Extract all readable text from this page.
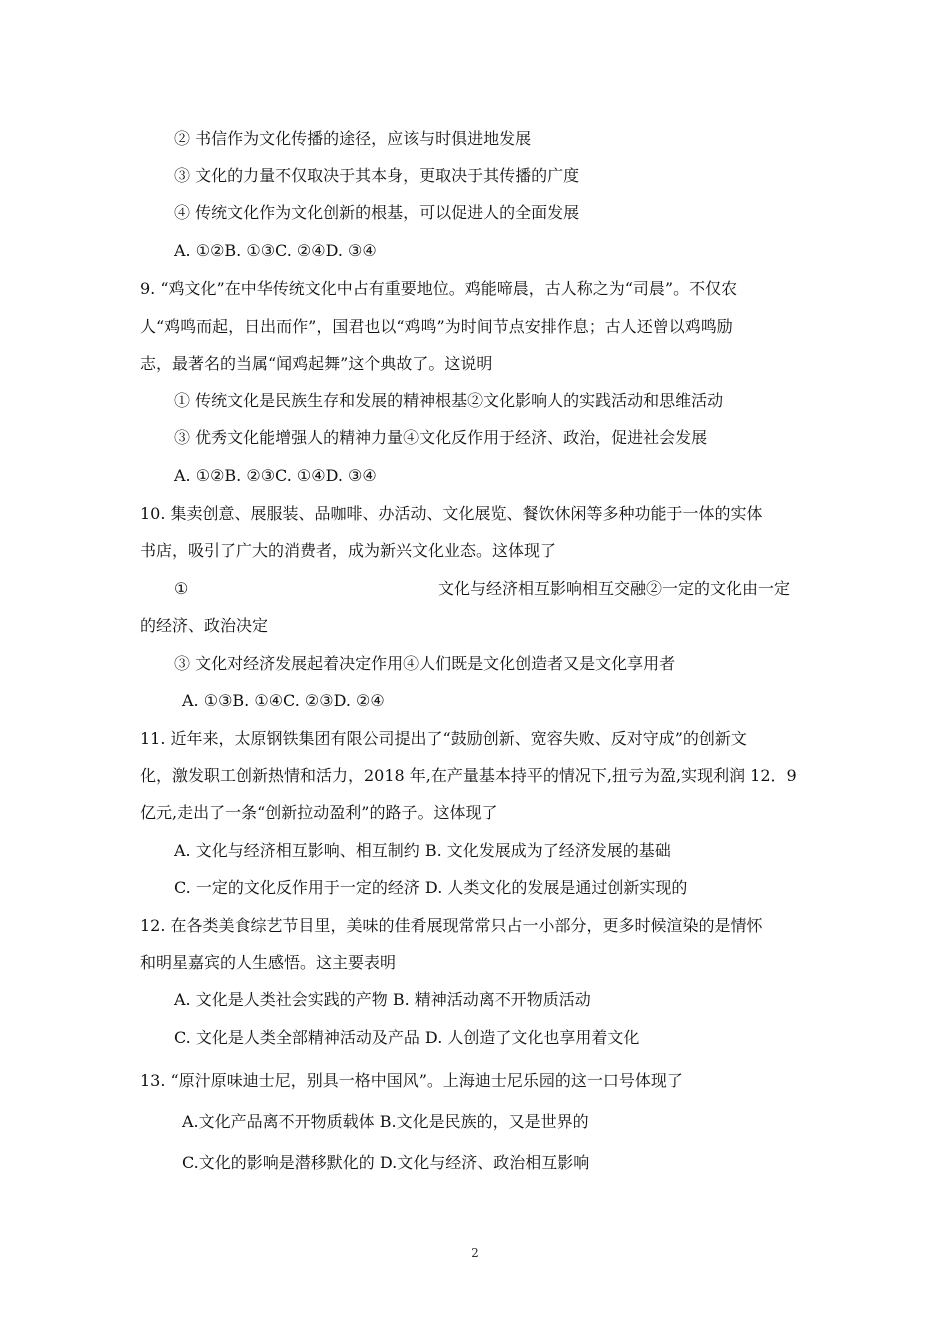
② 书信作为文化传播的途径，应该与时俱进地发展
③ 文化的力量不仅取决于其本身，更取决于其传播的广度
④ 传统文化作为文化创新的根基，可以促进人的全面发展
A. ①②B. ①③C. ②④D. ③④
9. “鸡文化”在中华传统文化中占有重要地位。鸡能啼晨，古人称之为“司晨”。不仅农
人“鸡鸣而起，日出而作”，国君也以“鸡鸣”为时间节点安排作息；古人还曾以鸡鸣励
志，最著名的当属“闻鸡起舞”这个典故了。这说明
① 传统文化是民族生存和发展的精神根基②文化影响人的实践活动和思维活动
③ 优秀文化能增强人的精神力量④文化反作用于经济、政治，促进社会发展
A. ①②B. ②③C. ①④D. ③④
10. 集卖创意、展服装、品咖啡、办活动、文化展览、餐饮休闲等多种功能于一体的实体
书店，吸引了广大的消费者，成为新兴文化业态。这体现了
①	文化与经济相互影响相互交融②一定的文化由一定
的经济、政治决定
③ 文化对经济发展起着决定作用④人们既是文化创造者又是文化享用者
A. ①③B. ①④C. ②③D. ②④
11. 近年来，太原钢铁集团有限公司提出了“鼓励创新、宽容失败、反对守成”的创新文
化，激发职工创新热情和活力，2018 年,在产量基本持平的情况下,扭亏为盈,实现利润 12．9
亿元,走出了一条“创新拉动盈利”的路子。这体现了
A. 文化与经济相互影响、相互制约 B. 文化发展成为了经济发展的基础
C. 一定的文化反作用于一定的经济 D. 人类文化的发展是通过创新实现的
12. 在各类美食综艺节目里，美味的佳肴展现常常只占一小部分，更多时候渲染的是情怀
和明星嘉宾的人生感悟。这主要表明
A. 文化是人类社会实践的产物 B. 精神活动离不开物质活动
C. 文化是人类全部精神活动及产品 D. 人创造了文化也享用着文化
13. “原汁原味迪士尼，别具一格中国风”。上海迪士尼乐园的这一口号体现了
A.文化产品离不开物质载体 B.文化是民族的，又是世界的
C.文化的影响是潜移默化的 D.文化与经济、政治相互影响
2
